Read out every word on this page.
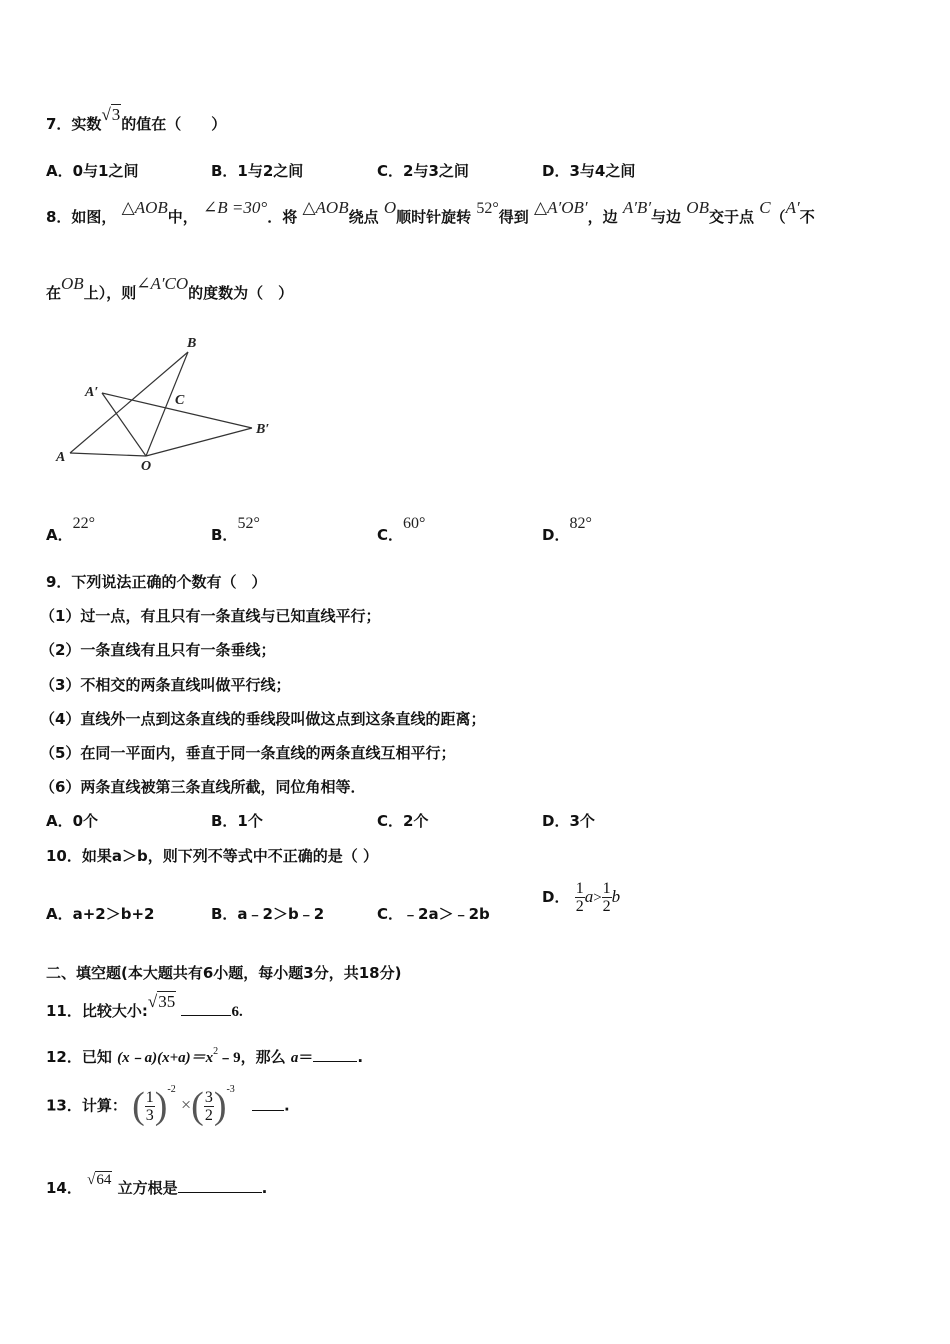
7．实数√3的值在（　　）
A．0与1之间	B．1与2之间	C．2与3之间	D．3与4之间
8．如图， △AOB中， ∠B =30°．将 △AOB绕点 O顺时针旋转 52°得到 △A′OB′，边 A′B′与边 OB交于点 C（A′不
在OB上），则∠A′CO的度数为（　）
B
A′
C
B′
A
O
A．22°
B．52°
C．60°
D．82°
9．下列说法正确的个数有（　）
（1）过一点，有且只有一条直线与已知直线平行；
（2）一条直线有且只有一条垂线；
（3）不相交的两条直线叫做平行线；
（4）直线外一点到这条直线的垂线段叫做这点到这条直线的距离；
（5）在同一平面内，垂直于同一条直线的两条直线互相平行；
（6）两条直线被第三条直线所截，同位角相等．
A．0个	B．1个	C．2个	D．3个
10．如果a＞b，则下列不等式中不正确的是（ ）
A．a+2＞b+2	B．a﹣2＞b﹣2	C．﹣2a＞﹣2b
D． $\frac{1}{2} a> \frac{1}{2}$ b
二、填空题(本大题共有6小题，每小题3分，共18分)
11．比较大小:√35 6.
12．已知 $(x﹣a)(x+a)=x^2﹣9$，那么 a＝	.
13．计算： ( $\frac{1}{3} )^{-2}$ ×( $\frac{3}{2} )^{-3}$ .
14． √64 立方根是	.
